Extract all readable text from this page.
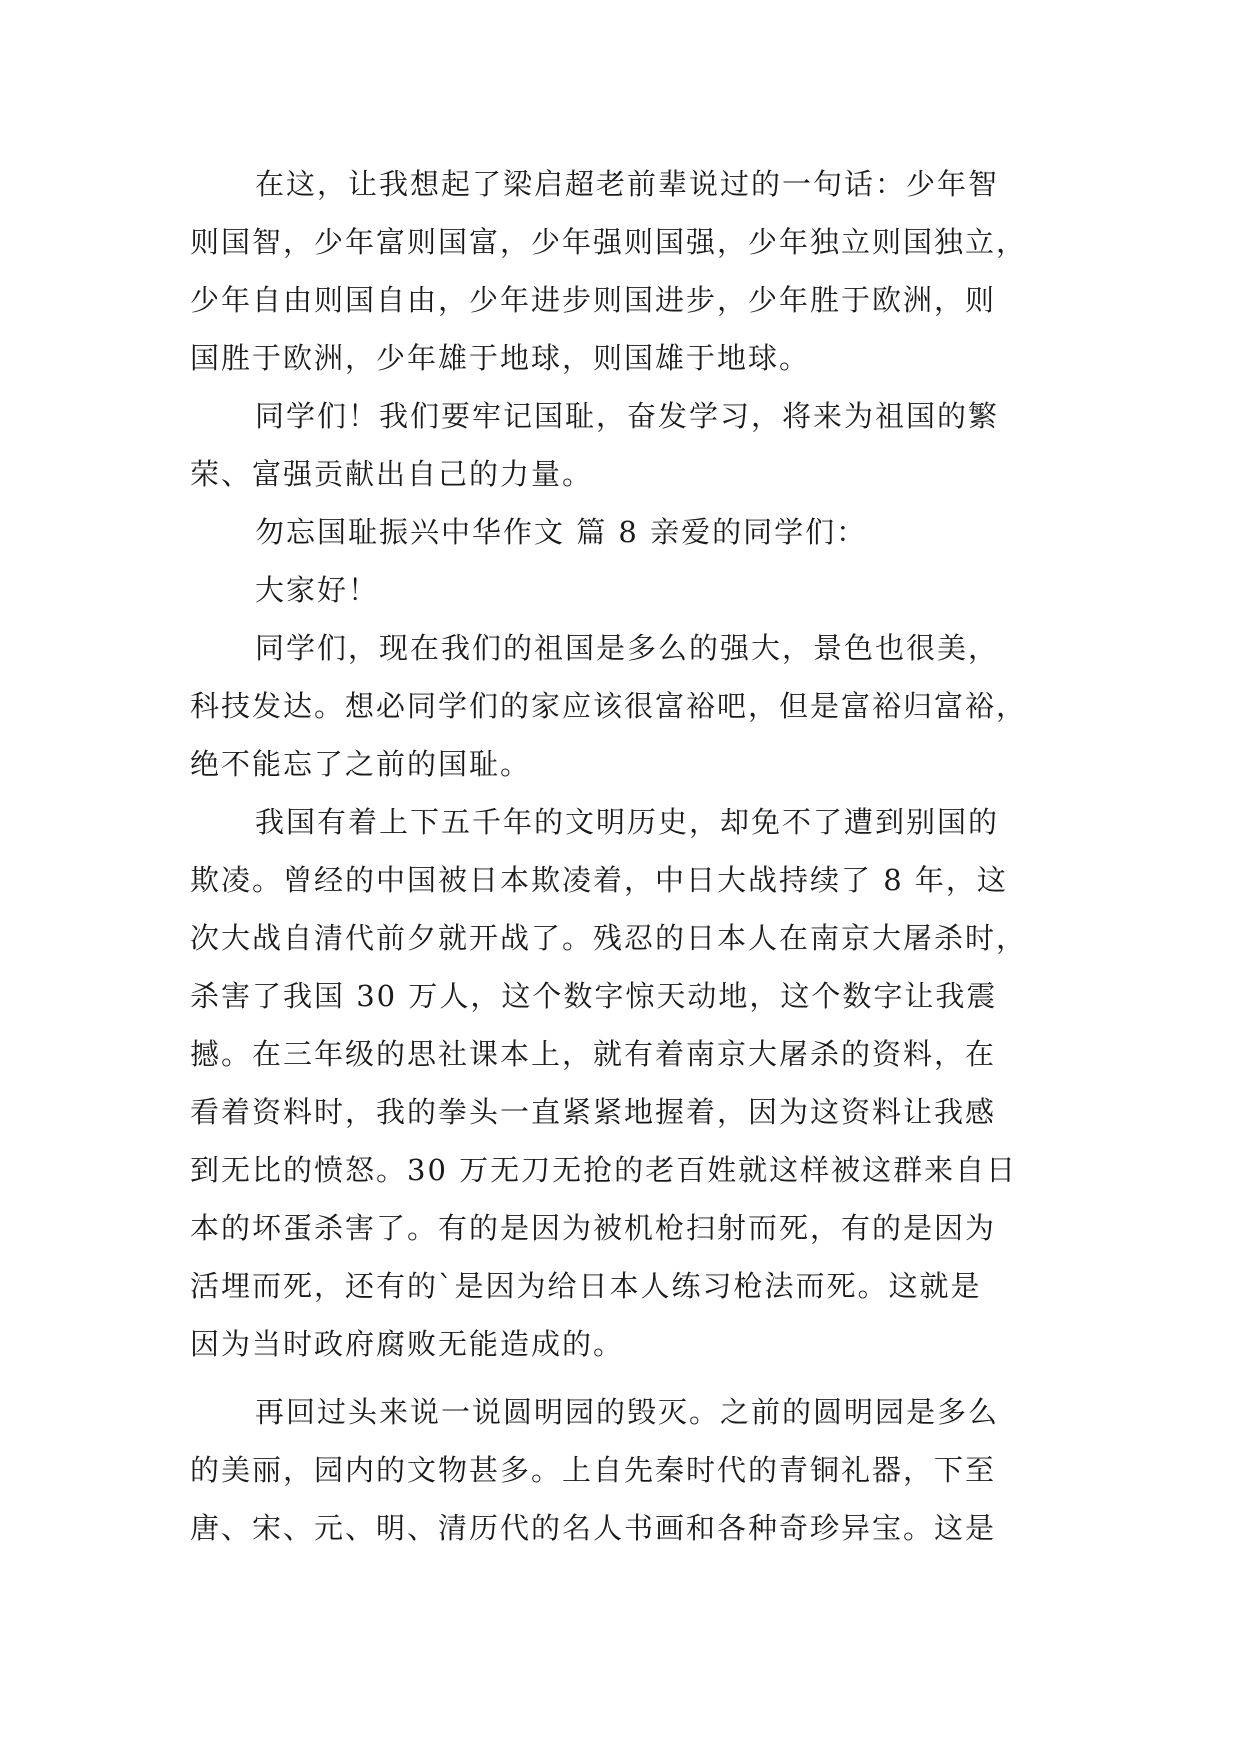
在这，让我想起了梁启超老前辈说过的一句话：少年智
则国智，少年富则国富，少年强则国强，少年独立则国独立，
少年自由则国自由，少年进步则国进步，少年胜于欧洲，则
国胜于欧洲，少年雄于地球，则国雄于地球。
同学们！我们要牢记国耻，奋发学习，将来为祖国的繁
荣、富强贡献出自己的力量。
勿忘国耻振兴中华作文 篇 8 亲爱的同学们：
大家好！
同学们，现在我们的祖国是多么的强大，景色也很美，
科技发达。想必同学们的家应该很富裕吧，但是富裕归富裕，
绝不能忘了之前的国耻。
我国有着上下五千年的文明历史，却免不了遭到别国的
欺凌。曾经的中国被日本欺凌着，中日大战持续了 8 年，这
次大战自清代前夕就开战了。残忍的日本人在南京大屠杀时，
杀害了我国 30 万人，这个数字惊天动地，这个数字让我震
撼。在三年级的思社课本上，就有着南京大屠杀的资料，在
看着资料时，我的拳头一直紧紧地握着，因为这资料让我感
到无比的愤怒。30 万无刀无抢的老百姓就这样被这群来自日
本的坏蛋杀害了。有的是因为被机枪扫射而死，有的是因为
活埋而死，还有的`是因为给日本人练习枪法而死。这就是
因为当时政府腐败无能造成的。
再回过头来说一说圆明园的毁灭。之前的圆明园是多么
的美丽，园内的文物甚多。上自先秦时代的青铜礼器，下至
唐、宋、元、明、清历代的名人书画和各种奇珍异宝。这是
